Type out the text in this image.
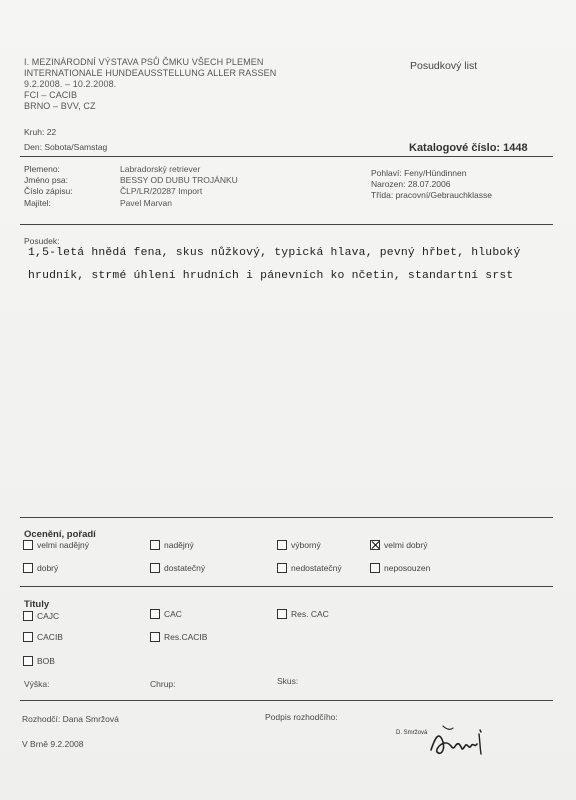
I. MEZINÁRODNÍ VÝSTAVA PSŮ ČMKU VŠECH PLEMEN
INTERNATIONALE HUNDEAUSSTELLUNG ALLER RASSEN
9.2.2008. – 10.2.2008.
FCI – CACIB
BRNO – BVV, CZ
Posudkový list
Kruh: 22
Den: Sobota/Samstag	Katalogové číslo: 1448
Plemeno:	Labradorský retriever
Jméno psa:	BESSY OD DUBU TROJÁNKU
Číslo zápisu:	ČLP/LR/20287 Import
Majitel:	Pavel Marvan
Pohlaví: Feny/Hündinnen
Narozen: 28.07.2006
Třída: pracovní/Gebrauchklasse
Posudek:
1,5-letá hnědá fena, skus nůžkový, typická hlava, pevný hřbet, hluboký
hrudník, strmé úhlení hrudních i pánevních ko nčetin, standartní srst
Ocenění, pořadí
velmi nadějný	nadějný	výborný	velmi dobrý
dobrý	dostatečný	nedostatečný	neposouzen
Tituly
CAJC	CAC	Res. CAC
CACIB	Res.CACIB
BOB
Výška:	Chrup:	Skus:
Rozhodčí: Dana Smržová	Podpis rozhodčího:
V Brně 9.2.2008
D. Smržová
